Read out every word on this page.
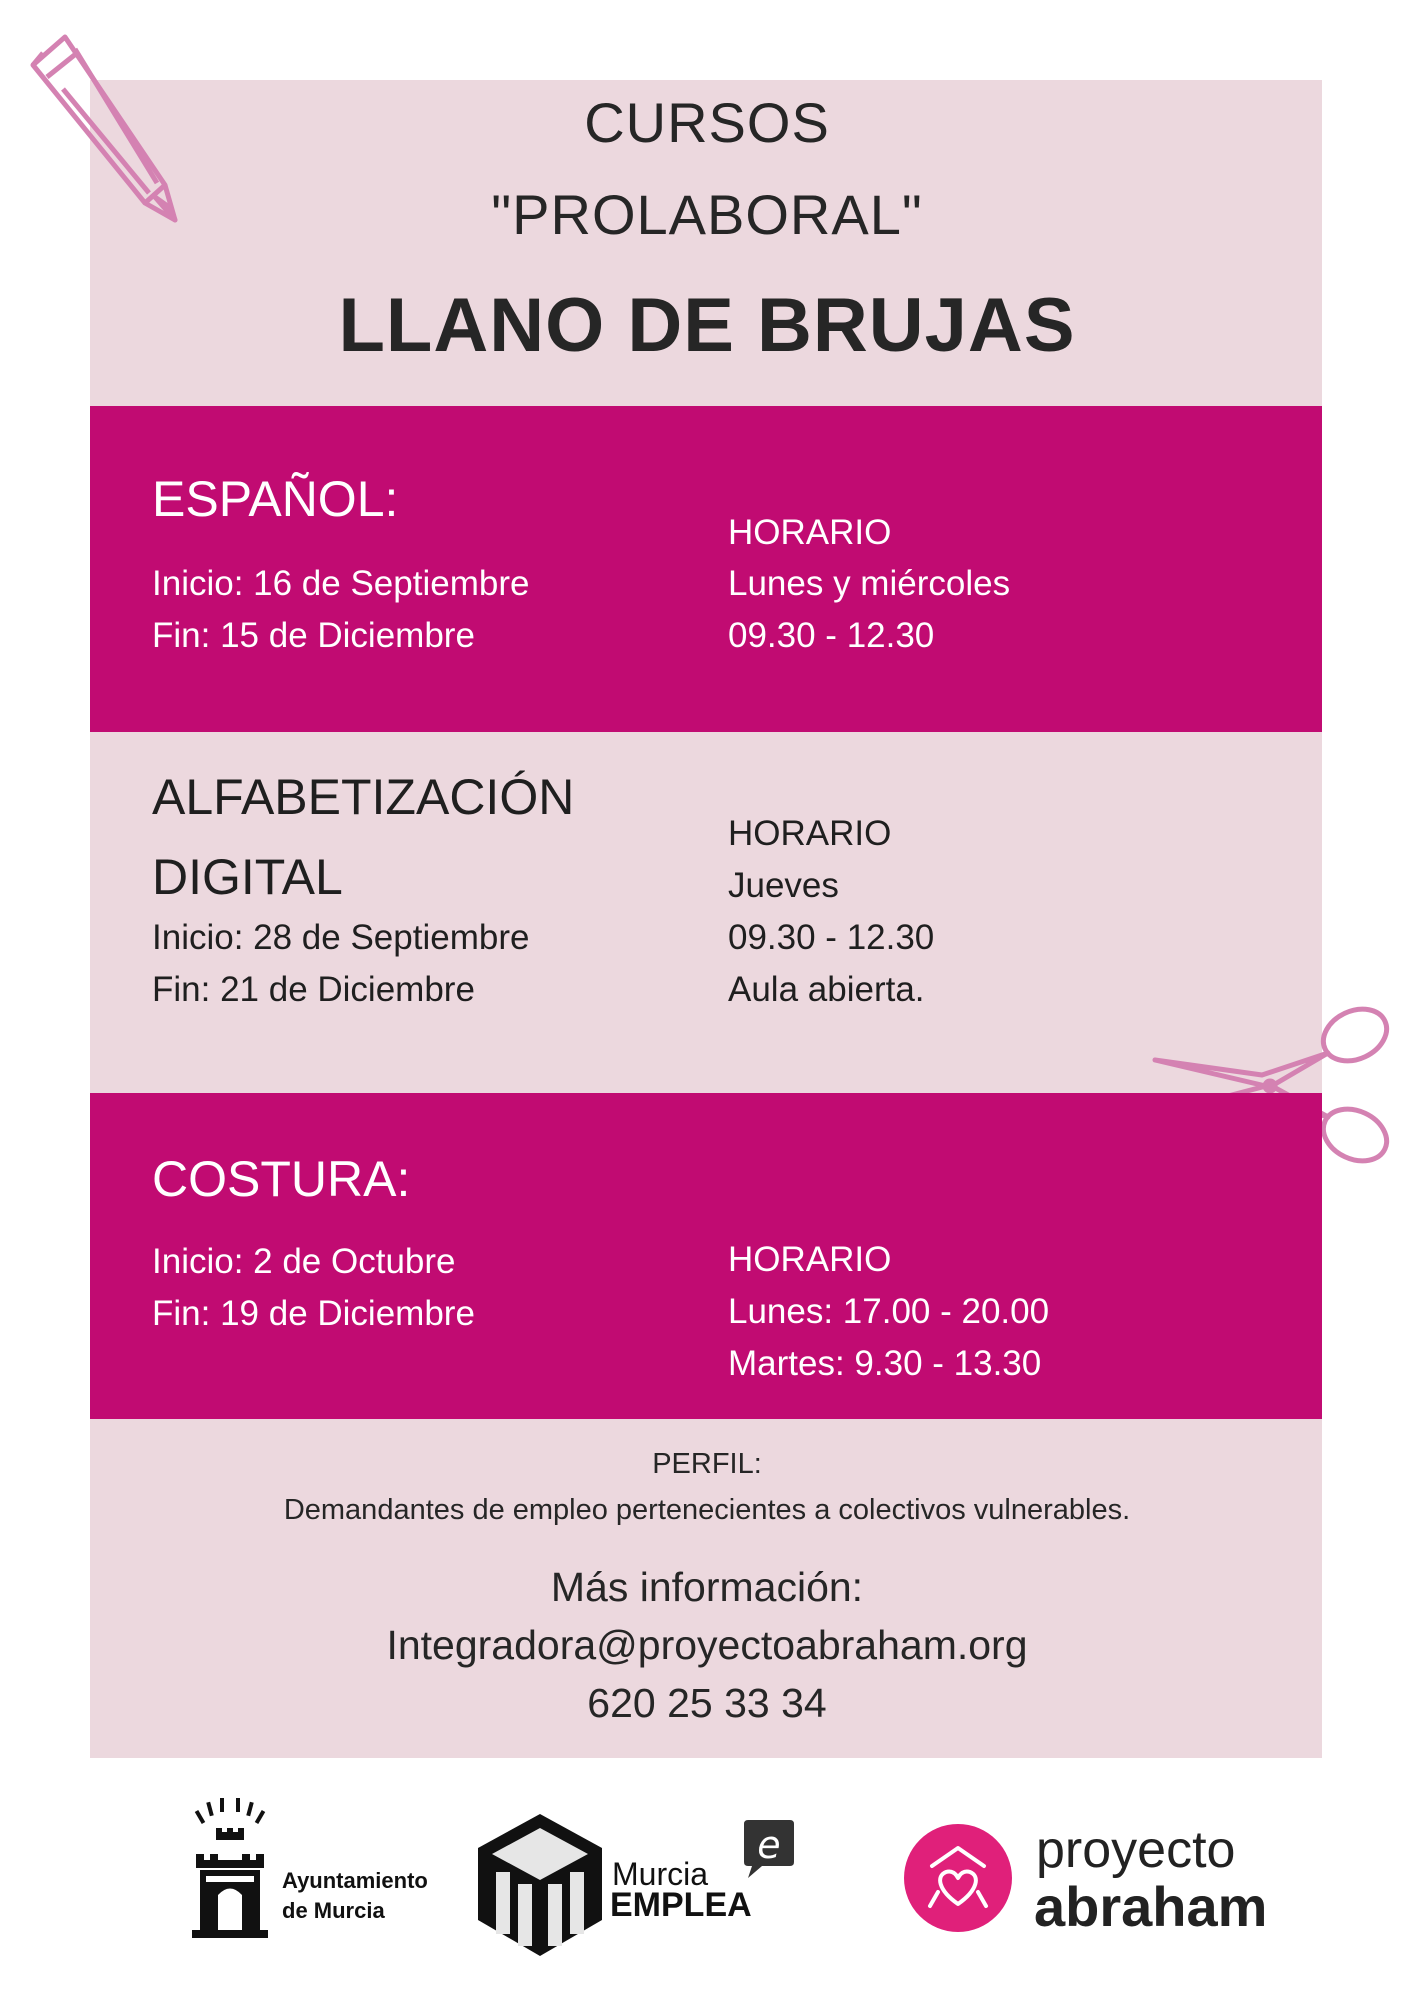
CURSOS
"PROLABORAL"
LLANO DE BRUJAS
ESPAÑOL:
Inicio: 16 de Septiembre
Fin: 15 de Diciembre
HORARIO
Lunes y miércoles
09.30 - 12.30
ALFABETIZACIÓN
DIGITAL
Inicio: 28 de Septiembre
Fin: 21 de Diciembre
HORARIO
Jueves
09.30 - 12.30
Aula abierta.
COSTURA:
Inicio: 2 de Octubre
Fin: 19 de Diciembre
HORARIO
Lunes: 17.00 - 20.00
Martes: 9.30 - 13.30
PERFIL:
Demandantes de empleo pertenecientes a colectivos vulnerables.
Más información:
Integradora@proyectoabraham.org
620 25 33 34
Ayuntamiento
de Murcia
e
Murcia
EMPLEA
proyecto
abraham
